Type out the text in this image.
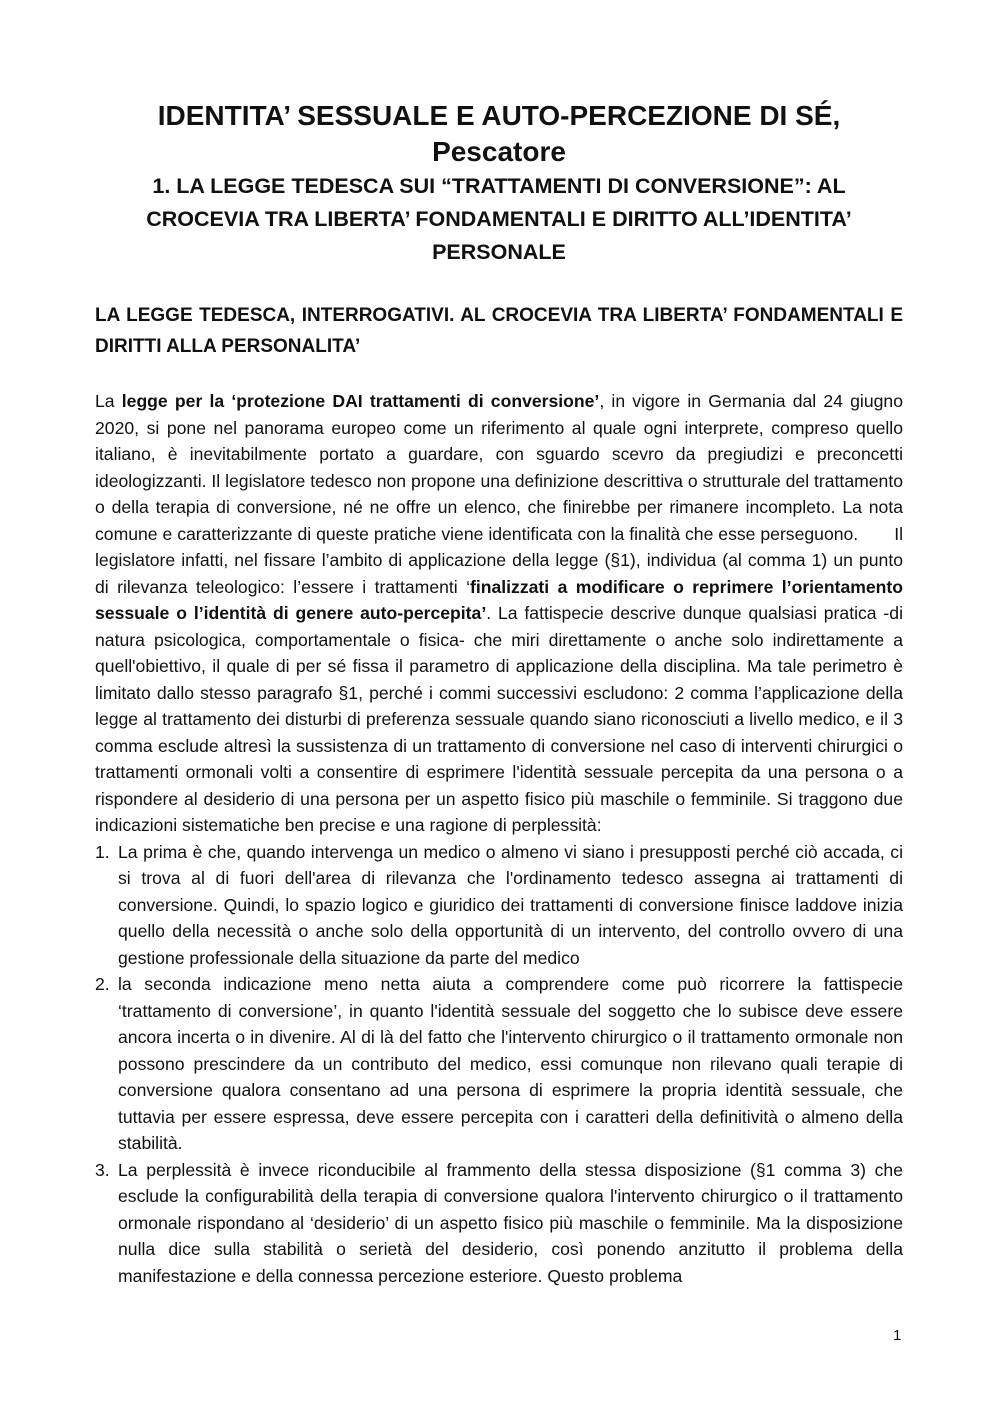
IDENTITA’ SESSUALE E AUTO-PERCEZIONE DI SÉ, Pescatore
1. LA LEGGE TEDESCA SUI “TRATTAMENTI DI CONVERSIONE”: AL CROCEVIA TRA LIBERTA’ FONDAMENTALI E DIRITTO ALL’IDENTITA’ PERSONALE
LA LEGGE TEDESCA, INTERROGATIVI. AL CROCEVIA TRA LIBERTA’ FONDAMENTALI E DIRITTI ALLA PERSONALITA’

La legge per la ‘protezione DAI trattamenti di conversione’, in vigore in Germania dal 24 giugno 2020, si pone nel panorama europeo come un riferimento al quale ogni interprete, compreso quello italiano, è inevitabilmente portato a guardare, con sguardo scevro da pregiudizi e preconcetti ideologizzanti. Il legislatore tedesco non propone una definizione descrittiva o strutturale del trattamento o della terapia di conversione, né ne offre un elenco, che finirebbe per rimanere incompleto. La nota comune e caratterizzante di queste pratiche viene identificata con la finalità che esse perseguono. Il legislatore infatti, nel fissare l’ambito di applicazione della legge (§1), individua (al comma 1) un punto di rilevanza teleologico: l’essere i trattamenti ‘finalizzati a modificare o reprimere l’orientamento sessuale o l’identità di genere auto-percepita’. La fattispecie descrive dunque qualsiasi pratica -di natura psicologica, comportamentale o fisica- che miri direttamente o anche solo indirettamente a quell'obiettivo, il quale di per sé fissa il parametro di applicazione della disciplina. Ma tale perimetro è limitato dallo stesso paragrafo §1, perché i commi successivi escludono: 2 comma l’applicazione della legge al trattamento dei disturbi di preferenza sessuale quando siano riconosciuti a livello medico, e il 3 comma esclude altresì la sussistenza di un trattamento di conversione nel caso di interventi chirurgici o trattamenti ormonali volti a consentire di esprimere l'identità sessuale percepita da una persona o a rispondere al desiderio di una persona per un aspetto fisico più maschile o femminile. Si traggono due indicazioni sistematiche ben precise e una ragione di perplessità:

1. La prima è che, quando intervenga un medico o almeno vi siano i presupposti perché ciò accada, ci si trova al di fuori dell'area di rilevanza che l'ordinamento tedesco assegna ai trattamenti di conversione. Quindi, lo spazio logico e giuridico dei trattamenti di conversione finisce laddove inizia quello della necessità o anche solo della opportunità di un intervento, del controllo ovvero di una gestione professionale della situazione da parte del medico
2. la seconda indicazione meno netta aiuta a comprendere come può ricorrere la fattispecie ‘trattamento di conversione’, in quanto l'identità sessuale del soggetto che lo subisce deve essere ancora incerta o in divenire. Al di là del fatto che l'intervento chirurgico o il trattamento ormonale non possono prescindere da un contributo del medico, essi comunque non rilevano quali terapie di conversione qualora consentano ad una persona di esprimere la propria identità sessuale, che tuttavia per essere espressa, deve essere percepita con i caratteri della definitività o almeno della stabilità.
3. La perplessità è invece riconducibile al frammento della stessa disposizione (§1 comma 3) che esclude la configurabilità della terapia di conversione qualora l'intervento chirurgico o il trattamento ormonale rispondano al ‘desiderio’ di un aspetto fisico più maschile o femminile. Ma la disposizione nulla dice sulla stabilità o serietà del desiderio, così ponendo anzitutto il problema della manifestazione e della connessa percezione esteriore. Questo problema
1
